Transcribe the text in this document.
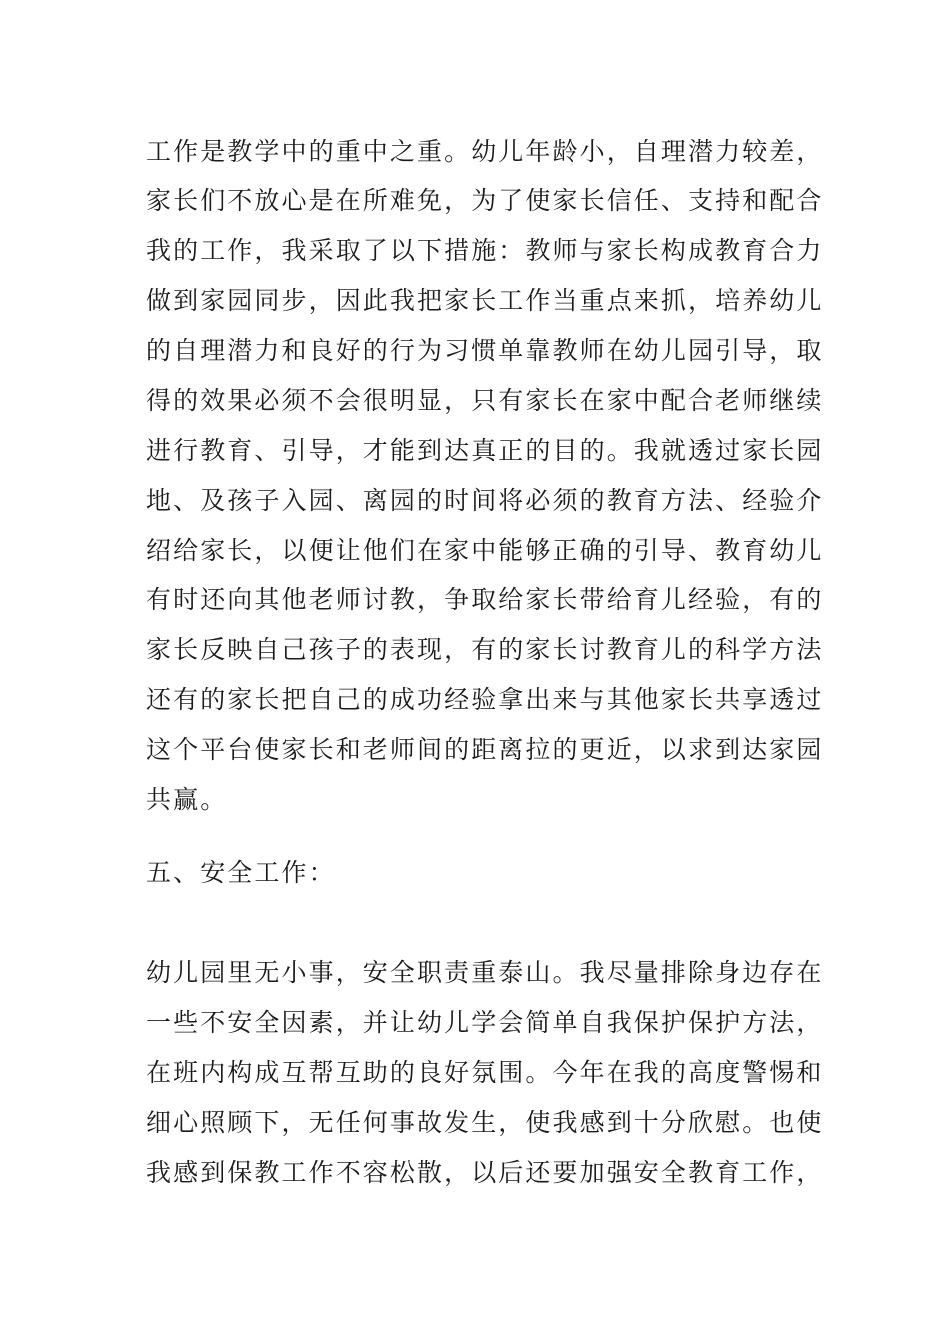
工作是教学中的重中之重。幼儿年龄小，自理潜力较差，
家长们不放心是在所难免，为了使家长信任、支持和配合
我的工作，我采取了以下措施：教师与家长构成教育合力
做到家园同步，因此我把家长工作当重点来抓，培养幼儿
的自理潜力和良好的行为习惯单靠教师在幼儿园引导，取
得的效果必须不会很明显，只有家长在家中配合老师继续
进行教育、引导，才能到达真正的目的。我就透过家长园
地、及孩子入园、离园的时间将必须的教育方法、经验介
绍给家长，以便让他们在家中能够正确的引导、教育幼儿
有时还向其他老师讨教，争取给家长带给育儿经验，有的
家长反映自己孩子的表现，有的家长讨教育儿的科学方法
还有的家长把自己的成功经验拿出来与其他家长共享透过
这个平台使家长和老师间的距离拉的更近，以求到达家园
共赢。
五、安全工作：
幼儿园里无小事，安全职责重泰山。我尽量排除身边存在
一些不安全因素，并让幼儿学会简单自我保护保护方法，
在班内构成互帮互助的良好氛围。今年在我的高度警惕和
细心照顾下，无任何事故发生，使我感到十分欣慰。也使
我感到保教工作不容松散，以后还要加强安全教育工作，
